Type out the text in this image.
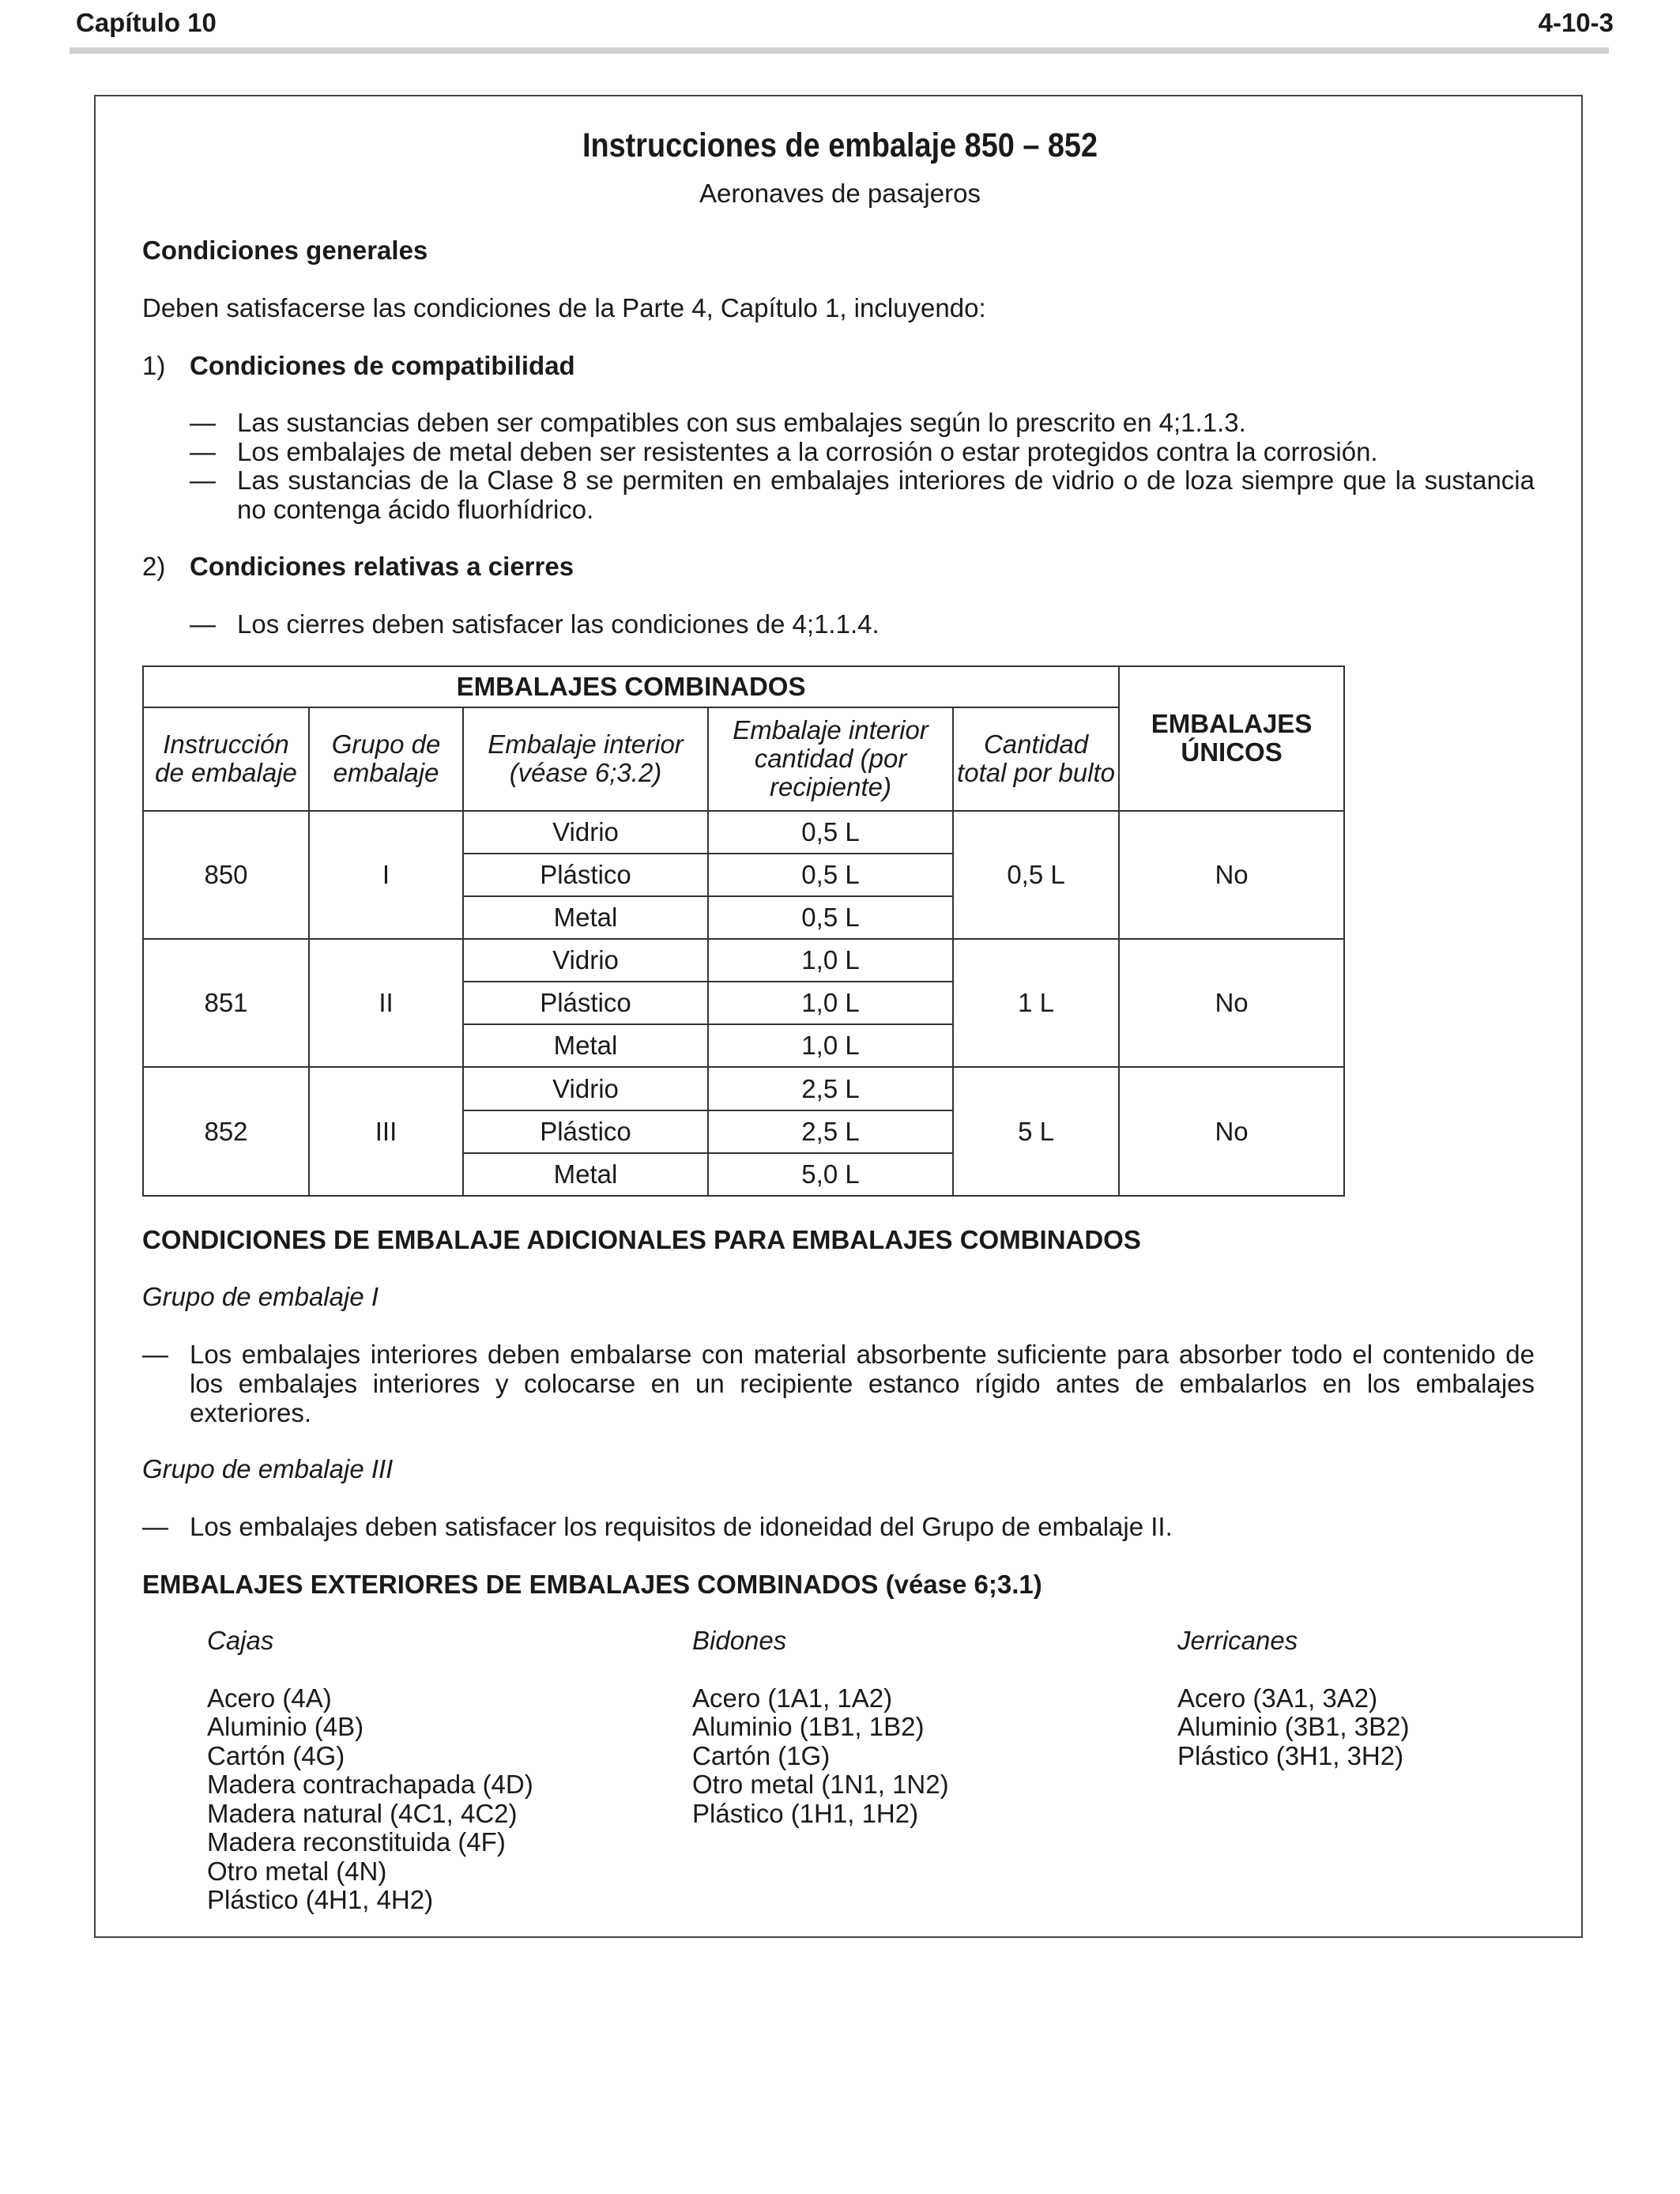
Capítulo 10	4-10-3
Instrucciones de embalaje 850 – 852
Aeronaves de pasajeros
Condiciones generales
Deben satisfacerse las condiciones de la Parte 4, Capítulo 1, incluyendo:
1) Condiciones de compatibilidad
— Las sustancias deben ser compatibles con sus embalajes según lo prescrito en 4;1.1.3.
— Los embalajes de metal deben ser resistentes a la corrosión o estar protegidos contra la corrosión.
— Las sustancias de la Clase 8 se permiten en embalajes interiores de vidrio o de loza siempre que la sustancia no contenga ácido fluorhídrico.
2) Condiciones relativas a cierres
— Los cierres deben satisfacer las condiciones de 4;1.1.4.
EMBALAJES COMBINADOS					EMBALAJES ÚNICOS
Instrucción de embalaje	Grupo de embalaje	Embalaje interior (véase 6;3.2)	Embalaje interior cantidad (por recipiente)	Cantidad total por bulto	
850	I	Vidrio	0,5 L	0,5 L	No
		Plástico	0,5 L		
		Metal	0,5 L		
851	II	Vidrio	1,0 L	1 L	No
		Plástico	1,0 L		
		Metal	1,0 L		
852	III	Vidrio	2,5 L	5 L	No
		Plástico	2,5 L		
		Metal	5,0 L		
CONDICIONES DE EMBALAJE ADICIONALES PARA EMBALAJES COMBINADOS
Grupo de embalaje I
— Los embalajes interiores deben embalarse con material absorbente suficiente para absorber todo el contenido de los embalajes interiores y colocarse en un recipiente estanco rígido antes de embalarlos en los embalajes exteriores.
Grupo de embalaje III
— Los embalajes deben satisfacer los requisitos de idoneidad del Grupo de embalaje II.
EMBALAJES EXTERIORES DE EMBALAJES COMBINADOS (véase 6;3.1)
Cajas
Acero (4A)
Aluminio (4B)
Cartón (4G)
Madera contrachapada (4D)
Madera natural (4C1, 4C2)
Madera reconstituida (4F)
Otro metal (4N)
Plástico (4H1, 4H2)
Bidones
Acero (1A1, 1A2)
Aluminio (1B1, 1B2)
Cartón (1G)
Otro metal (1N1, 1N2)
Plástico (1H1, 1H2)
Jerricanes
Acero (3A1, 3A2)
Aluminio (3B1, 3B2)
Plástico (3H1, 3H2)
